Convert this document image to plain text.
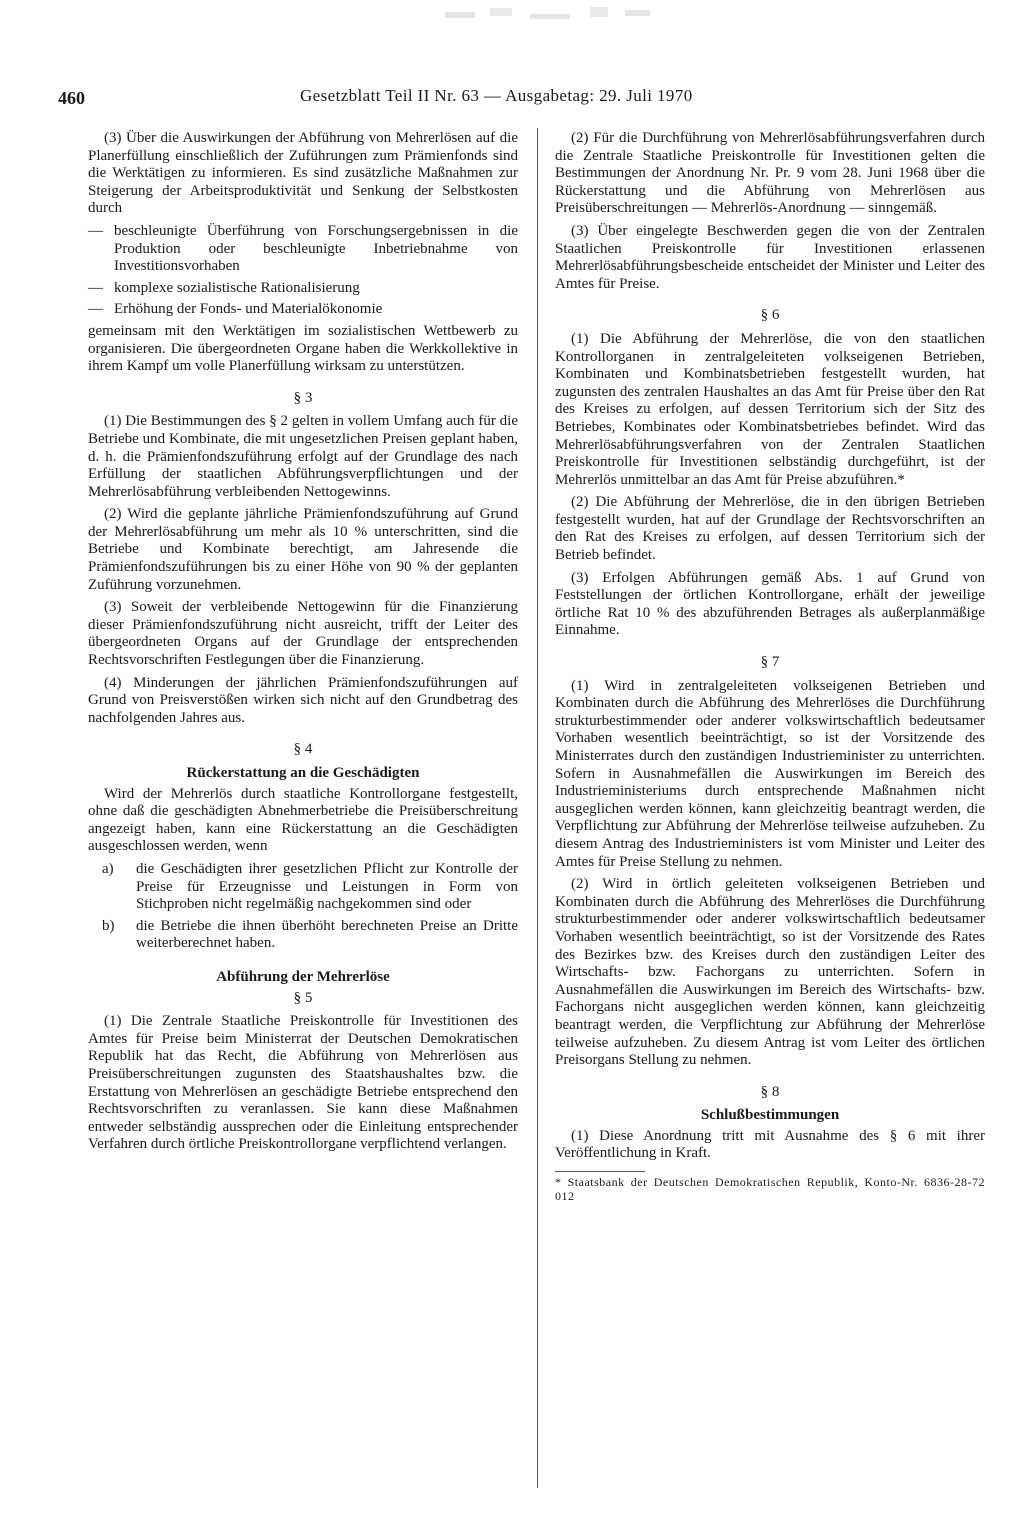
460	Gesetzblatt Teil II Nr. 63 — Ausgabetag: 29. Juli 1970

(3) Über die Auswirkungen der Abführung von Mehrerlösen auf die Planerfüllung einschließlich der Zuführungen zum Prämienfonds sind die Werktätigen zu informieren. Es sind zusätzliche Maßnahmen zur Steigerung der Arbeitsproduktivität und Senkung der Selbstkosten durch

— beschleunigte Überführung von Forschungsergebnissen in die Produktion oder beschleunigte Inbetriebnahme von Investitionsvorhaben
— komplexe sozialistische Rationalisierung
— Erhöhung der Fonds- und Materialökonomie

gemeinsam mit den Werktätigen im sozialistischen Wettbewerb zu organisieren. Die übergeordneten Organe haben die Werkkollektive in ihrem Kampf um volle Planerfüllung wirksam zu unterstützen.

§ 3

(1) Die Bestimmungen des § 2 gelten in vollem Umfang auch für die Betriebe und Kombinate, die mit ungesetzlichen Preisen geplant haben, d. h. die Prämienfondszuführung erfolgt auf der Grundlage des nach Erfüllung der staatlichen Abführungsverpflichtungen und der Mehrerlösabführung verbleibenden Nettogewinns.

(2) Wird die geplante jährliche Prämienfondszuführung auf Grund der Mehrerlösabführung um mehr als 10 % unterschritten, sind die Betriebe und Kombinate berechtigt, am Jahresende die Prämienfondszuführungen bis zu einer Höhe von 90 % der geplanten Zuführung vorzunehmen.

(3) Soweit der verbleibende Nettogewinn für die Finanzierung dieser Prämienfondszuführung nicht ausreicht, trifft der Leiter des übergeordneten Organs auf der Grundlage der entsprechenden Rechtsvorschriften Festlegungen über die Finanzierung.

(4) Minderungen der jährlichen Prämienfondszuführungen auf Grund von Preisverstößen wirken sich nicht auf den Grundbetrag des nachfolgenden Jahres aus.

§ 4

Rückerstattung an die Geschädigten

Wird der Mehrerlös durch staatliche Kontrollorgane festgestellt, ohne daß die geschädigten Abnehmerbetriebe die Preisüberschreitung angezeigt haben, kann eine Rückerstattung an die Geschädigten ausgeschlossen werden, wenn

a) die Geschädigten ihrer gesetzlichen Pflicht zur Kontrolle der Preise für Erzeugnisse und Leistungen in Form von Stichproben nicht regelmäßig nachgekommen sind oder
b) die Betriebe die ihnen überhöht berechneten Preise an Dritte weiterberechnet haben.

Abführung der Mehrerlöse

§ 5

(1) Die Zentrale Staatliche Preiskontrolle für Investitionen des Amtes für Preise beim Ministerrat der Deutschen Demokratischen Republik hat das Recht, die Abführung von Mehrerlösen aus Preisüberschreitungen zugunsten des Staatshaushaltes bzw. die Erstattung von Mehrerlösen an geschädigte Betriebe entsprechend den Rechtsvorschriften zu veranlassen. Sie kann diese Maßnahmen entweder selbständig aussprechen oder die Einleitung entsprechender Verfahren durch örtliche Preiskontrollorgane verpflichtend verlangen.

(2) Für die Durchführung von Mehrerlösabführungsverfahren durch die Zentrale Staatliche Preiskontrolle für Investitionen gelten die Bestimmungen der Anordnung Nr. Pr. 9 vom 28. Juni 1968 über die Rückerstattung und die Abführung von Mehrerlösen aus Preisüberschreitungen — Mehrerlös-Anordnung — sinngemäß.

(3) Über eingelegte Beschwerden gegen die von der Zentralen Staatlichen Preiskontrolle für Investitionen erlassenen Mehrerlösabführungsbescheide entscheidet der Minister und Leiter des Amtes für Preise.

§ 6

(1) Die Abführung der Mehrerlöse, die von den staatlichen Kontrollorganen in zentralgeleiteten volkseigenen Betrieben, Kombinaten und Kombinatsbetrieben festgestellt wurden, hat zugunsten des zentralen Haushaltes an das Amt für Preise über den Rat des Kreises zu erfolgen, auf dessen Territorium sich der Sitz des Betriebes, Kombinates oder Kombinatsbetriebes befindet. Wird das Mehrerlösabführungsverfahren von der Zentralen Staatlichen Preiskontrolle für Investitionen selbständig durchgeführt, ist der Mehrerlös unmittelbar an das Amt für Preise abzuführen.*

(2) Die Abführung der Mehrerlöse, die in den übrigen Betrieben festgestellt wurden, hat auf der Grundlage der Rechtsvorschriften an den Rat des Kreises zu erfolgen, auf dessen Territorium sich der Betrieb befindet.

(3) Erfolgen Abführungen gemäß Abs. 1 auf Grund von Feststellungen der örtlichen Kontrollorgane, erhält der jeweilige örtliche Rat 10 % des abzuführenden Betrages als außerplanmäßige Einnahme.

§ 7

(1) Wird in zentralgeleiteten volkseigenen Betrieben und Kombinaten durch die Abführung des Mehrerlöses die Durchführung strukturbestimmender oder anderer volkswirtschaftlich bedeutsamer Vorhaben wesentlich beeinträchtigt, so ist der Vorsitzende des Ministerrates durch den zuständigen Industrieminister zu unterrichten. Sofern in Ausnahmefällen die Auswirkungen im Bereich des Industrieministeriums durch entsprechende Maßnahmen nicht ausgeglichen werden können, kann gleichzeitig beantragt werden, die Verpflichtung zur Abführung der Mehrerlöse teilweise aufzuheben. Zu diesem Antrag des Industrieministers ist vom Minister und Leiter des Amtes für Preise Stellung zu nehmen.

(2) Wird in örtlich geleiteten volkseigenen Betrieben und Kombinaten durch die Abführung des Mehrerlöses die Durchführung strukturbestimmender oder anderer volkswirtschaftlich bedeutsamer Vorhaben wesentlich beeinträchtigt, so ist der Vorsitzende des Rates des Bezirkes bzw. des Kreises durch den zuständigen Leiter des Wirtschafts- bzw. Fachorgans zu unterrichten. Sofern in Ausnahmefällen die Auswirkungen im Bereich des Wirtschafts- bzw. Fachorgans nicht ausgeglichen werden können, kann gleichzeitig beantragt werden, die Verpflichtung zur Abführung der Mehrerlöse teilweise aufzuheben. Zu diesem Antrag ist vom Leiter des örtlichen Preisorgans Stellung zu nehmen.

§ 8

Schlußbestimmungen

(1) Diese Anordnung tritt mit Ausnahme des § 6 mit ihrer Veröffentlichung in Kraft.

* Staatsbank der Deutschen Demokratischen Republik, Konto-Nr. 6836-28-72 012
